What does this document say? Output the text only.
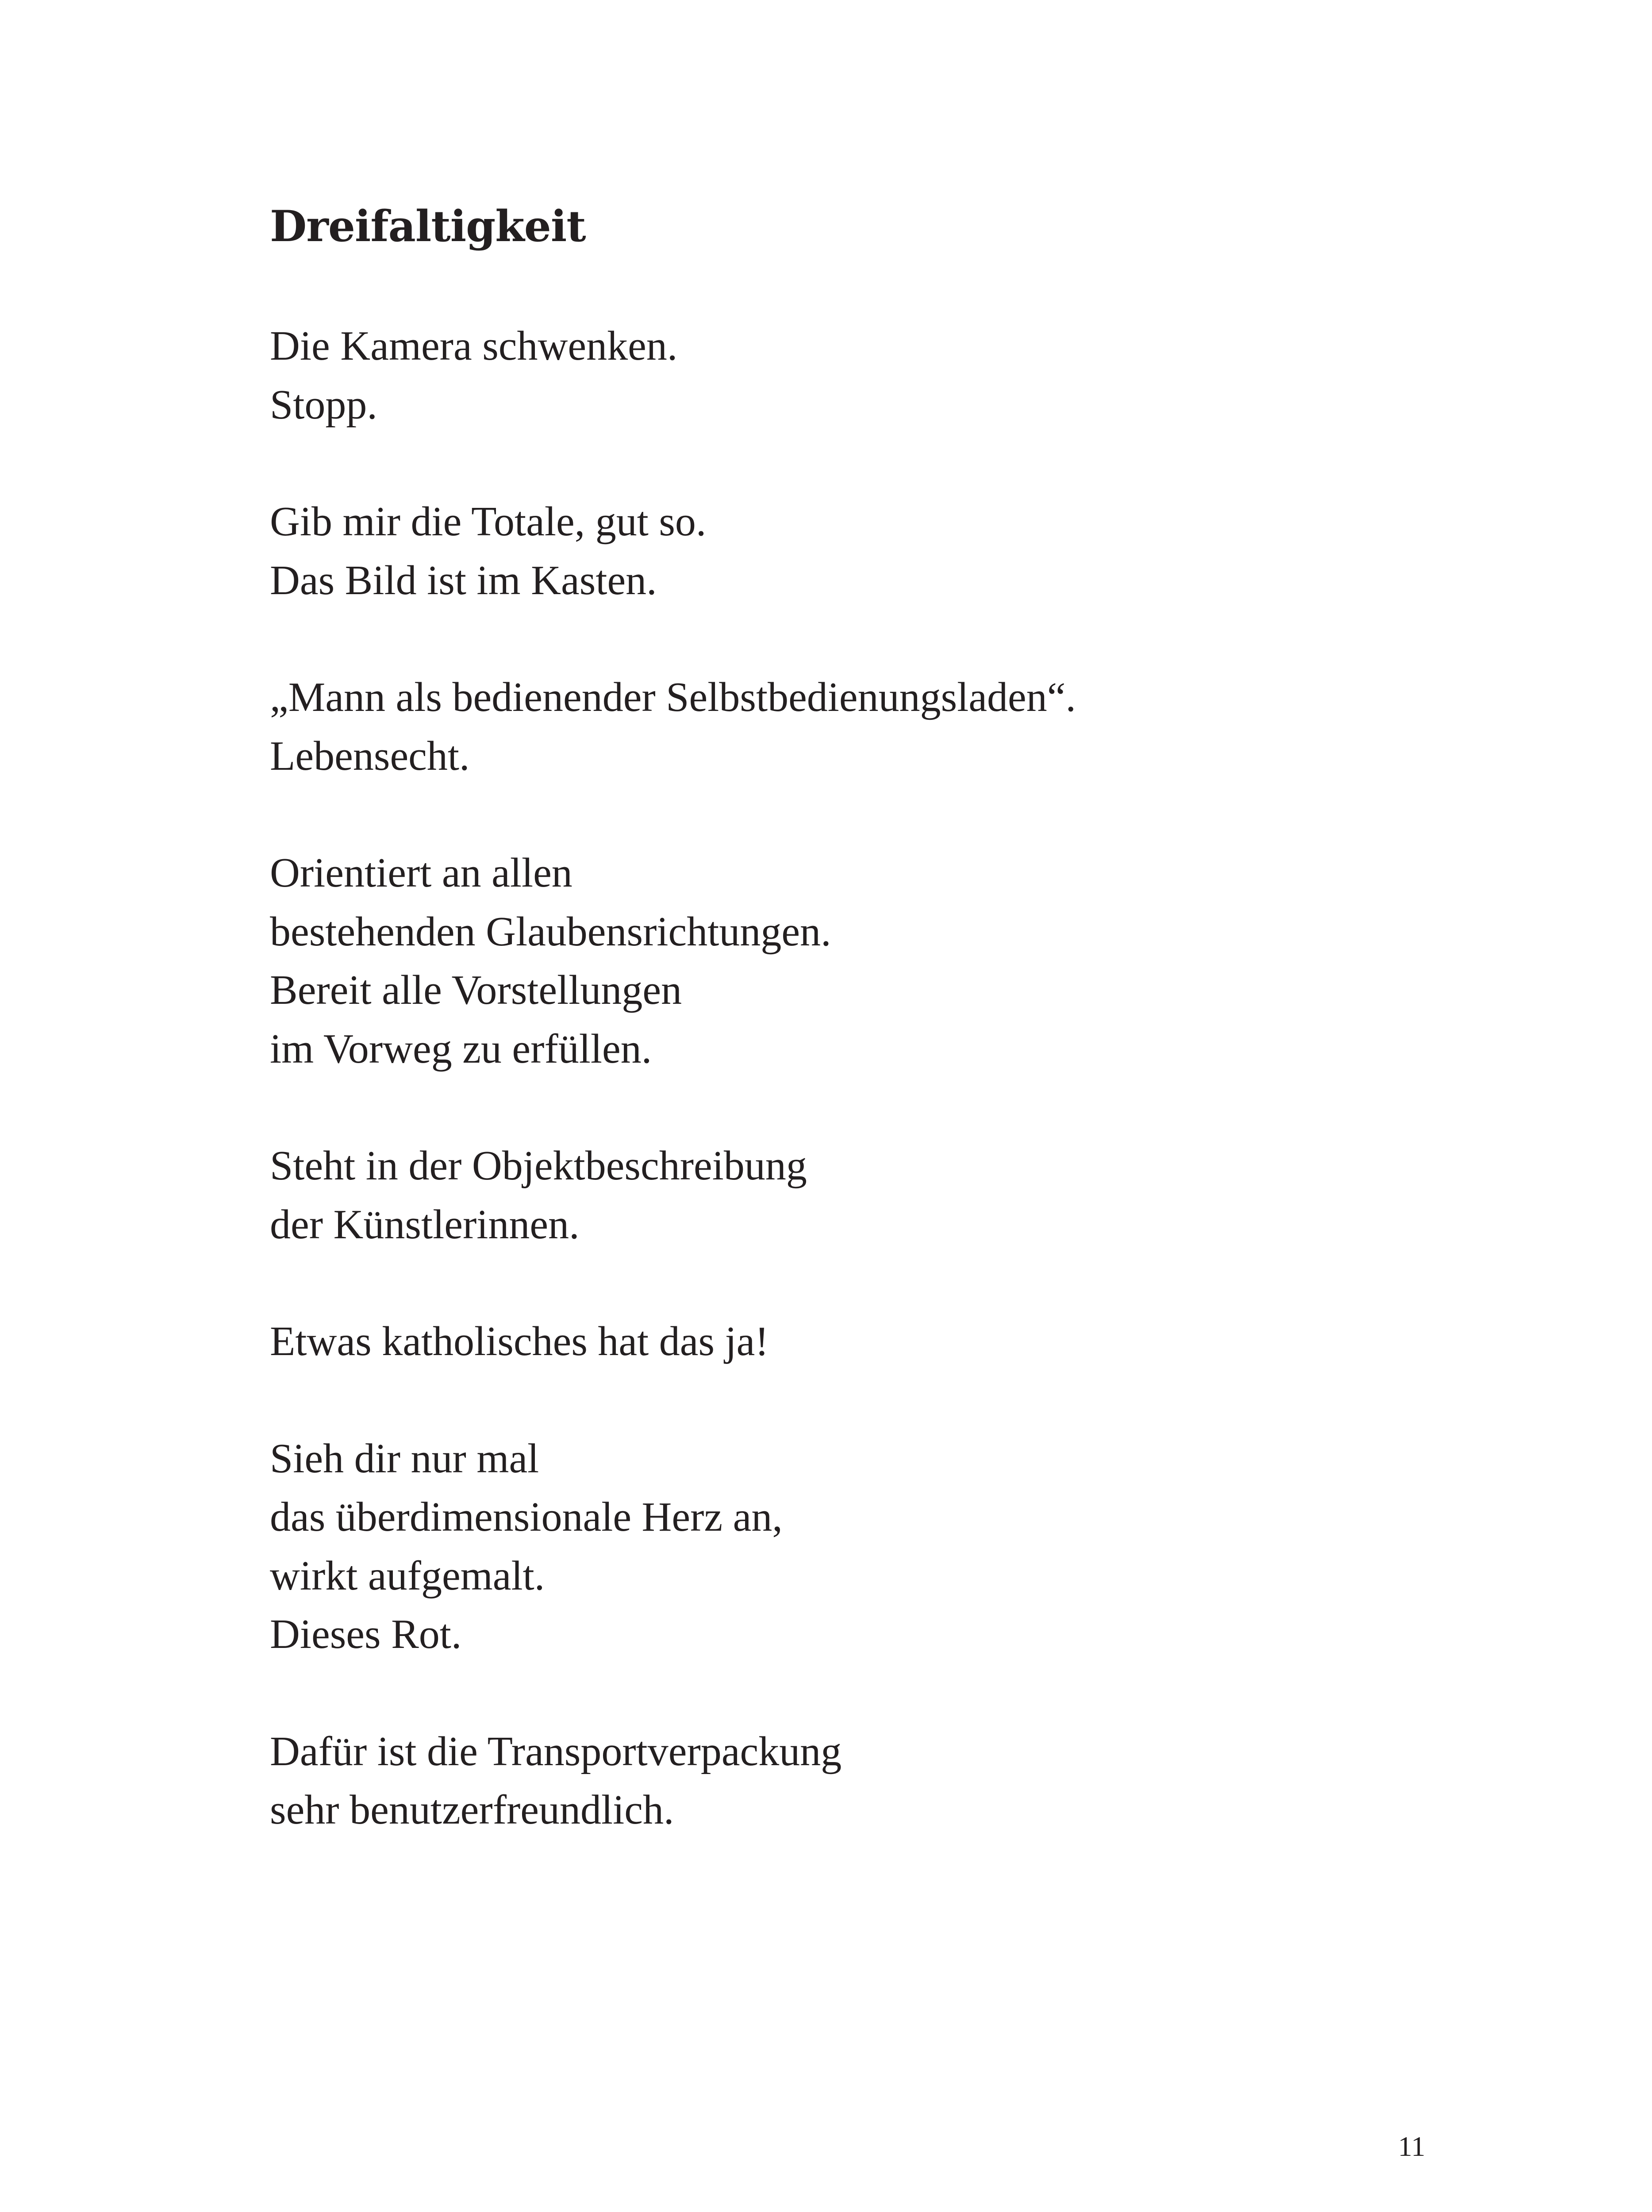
Dreifaltigkeit

Die Kamera schwenken.
Stopp.

Gib mir die Totale, gut so.
Das Bild ist im Kasten.

„Mann als bedienender Selbstbedienungsladen“.
Lebensecht.

Orientiert an allen
bestehenden Glaubensrichtungen.
Bereit alle Vorstellungen
im Vorweg zu erfüllen.

Steht in der Objektbeschreibung
der Künstlerinnen.

Etwas katholisches hat das ja!

Sieh dir nur mal
das überdimensionale Herz an,
wirkt aufgemalt.
Dieses Rot.

Dafür ist die Transportverpackung
sehr benutzerfreundlich.

11
